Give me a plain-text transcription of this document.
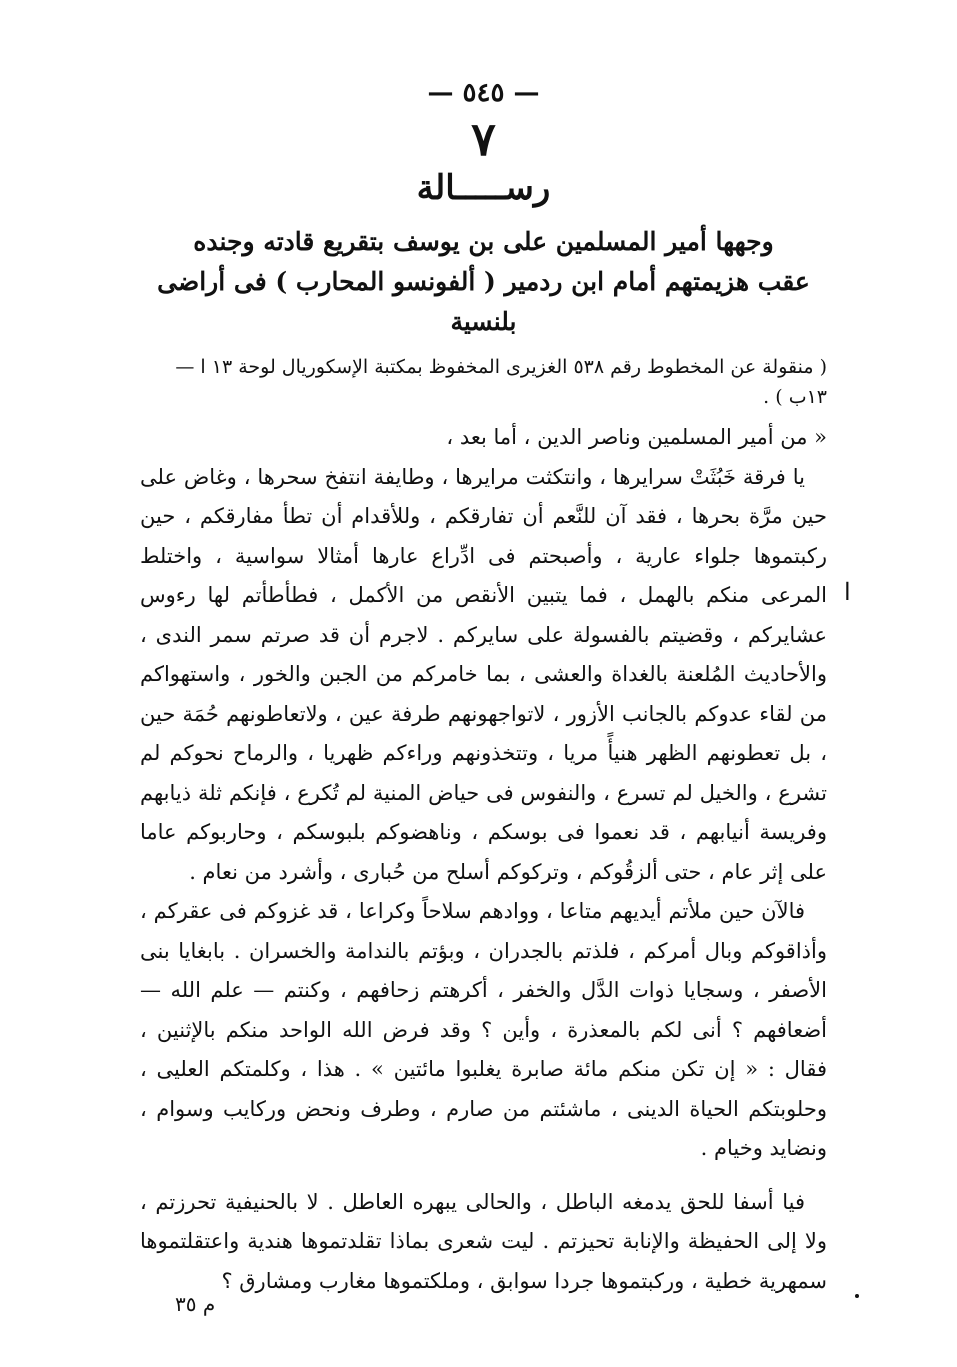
— ٥٤٥ —
٧
رســـــالة
وجهها أمير المسلمين على بن يوسف بتقريع قادته وجنده
عقب هزيمتهم أمام ابن ردمير ( ألفونسو المحارب ) فى أراضى بلنسية
( منقولة عن المخطوط رقم ٥٣٨ الغزيرى المخفوظ بمكتبة الإسكوريال لوحة ١٣ ا — ١٣ب ) .

« من أمير المسلمين وناصر الدين ، أما بعد ،

يا فرقة خَبُثَتْ سرايرها ، وانتكثت مرايرها ، وطايفة انتفخ سحرها ، وغاض على حين مرَّة بحرها ، فقد آن للنَّعم أن تفارقكم ، وللأقدام أن تطأ مفارقكم ، حين ركبتموها جلواء عارية ، وأصبحتم فى ادِّراع عارها أمثالا سواسية ، واختلط المرعى منكم بالهمل ، فما يتبين الأنقص من الأكمل ، فطأطأتم لها رءوس عشايركم ، وقضيتم بالفسولة على سايركم . لاجرم أن قد صرتم سمر الندى ، والأحاديث المُلعنة بالغداة والعشى ، بما خامركم من الجبن والخور ، واستهواكم من لقاء عدوكم بالجانب الأزور ، لاتواجهونهم طرفة عين ، ولاتعاطونهم حُمَة حين ، بل تعطونهم الظهر هنيأً مريا ، وتتخذونهم وراءكم ظهريا ، والرماح نحوكم لم تشرع ، والخيل لم تسرع ، والنفوس فى حياض المنية لم تُكرع ، فإنكم ثلة ذيابهم وفريسة أنيابهم ، قد نعموا فى بوسكم ، وناهضوكم بلبوسكم ، وحاربوكم عاما على إثر عام ، حتى ألزقُوكم ، وتركوكم أسلح من حُبارى ، وأشرد من نعام .

فالآن حين ملأتم أيديهم متاعا ، ووادهم سلاحاً وكراعا ، قد غزوكم فى عقركم ، وأذاقوكم وبال أمركم ، فلذتم بالجدران ، وبؤتم بالندامة والخسران . بابغايا بنى الأصفر ، وسجايا ذوات الدَّل والخفر ، أكرهتم زحافهم ، وكنتم — علم الله — أضعافهم ؟ أنى لكم بالمعذرة ، وأين ؟ وقد فرض الله الواحد منكم بالإثنين ، فقال : « إن تكن منكم مائة صابرة يغلبوا مائتين » . هذا ، وكلمتكم العليى ، وحلوبتكم الحياة الدينى ، ماشئتم من صارم ، وطرف ونحض وركايب وسوام ، ونضايد وخيام .

فيا أسفا للحق يدمغه الباطل ، والحالى يبهره العاطل . لا بالحنيفية تحرزتم ، ولا إلى الحفيظة والإنابة تحيزتم . ليت شعرى بماذا تقلدتموها هندية واعتقلتموها سمهرية خطية ، وركبتموها جردا سوابق ، وملكتموها مغارب ومشارق ؟

ا
م ٣٥
